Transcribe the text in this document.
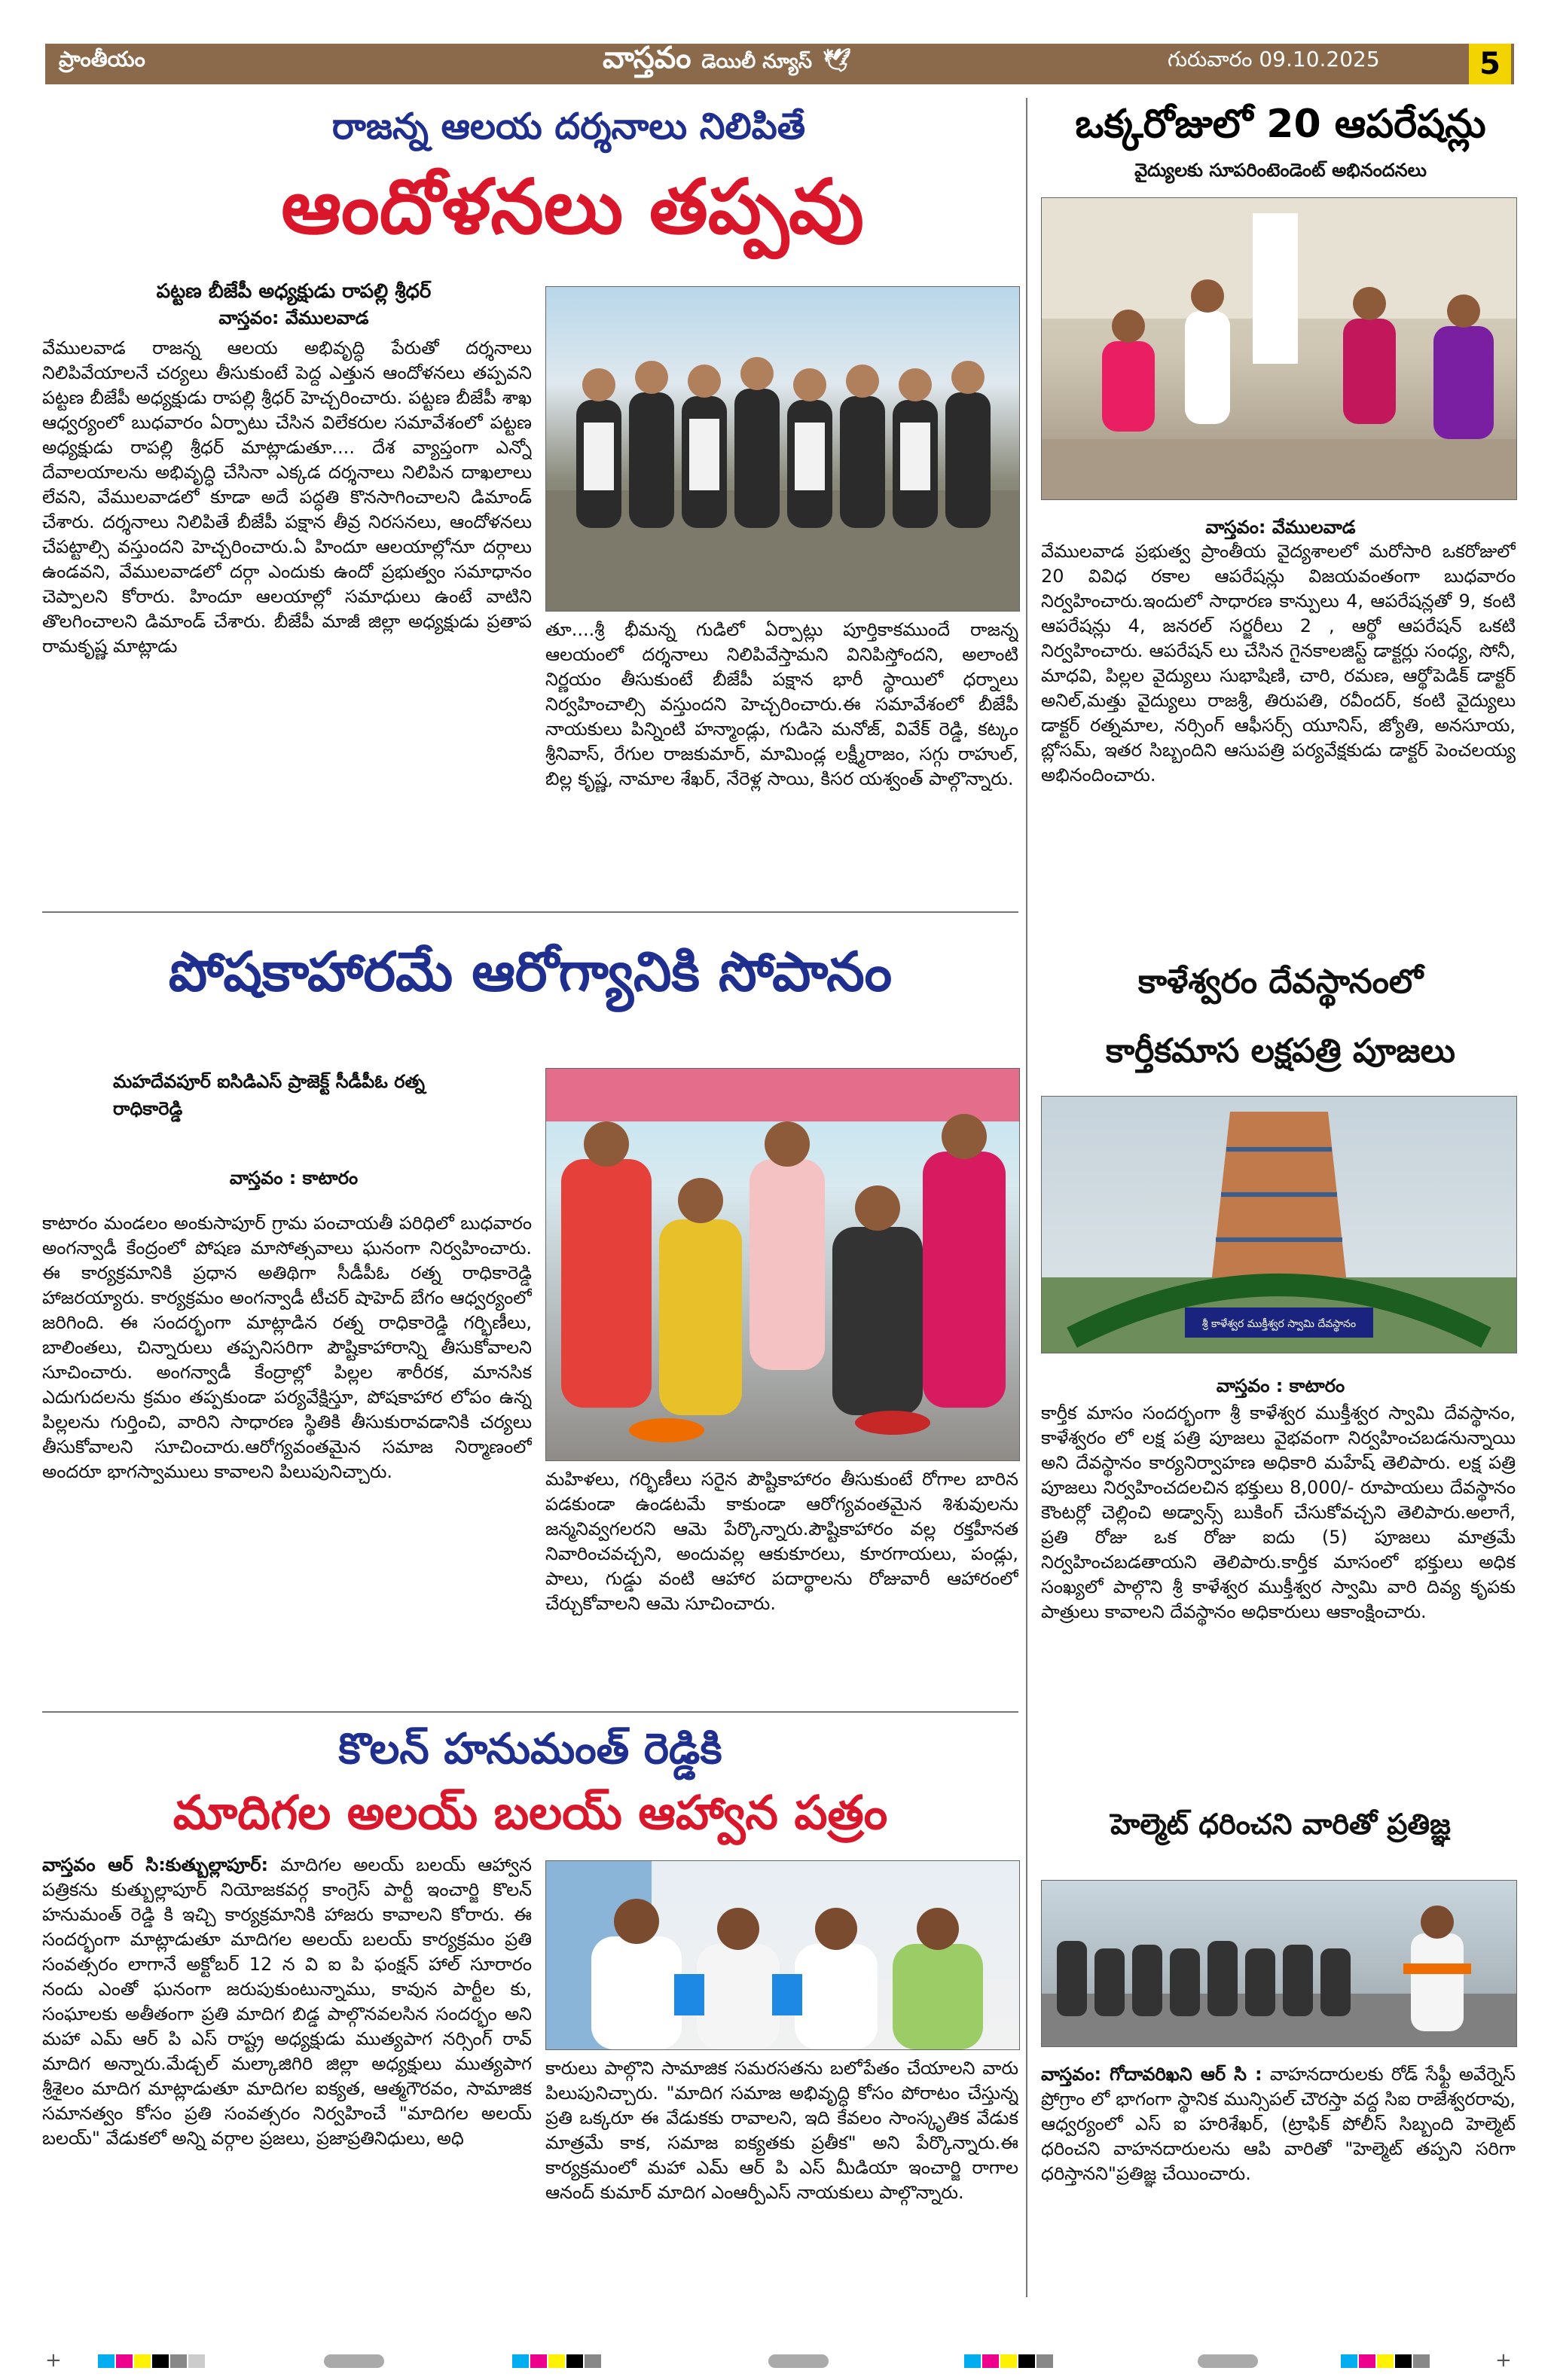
ప్రాంతీయం	వాస్తవం డెయిలీ న్యూస్ 🕊	గురువారం 09.10.2025	5
రాజన్న ఆలయ దర్శనాలు నిలిపితే
ఆందోళనలు తప్పవు
పట్టణ బీజేపీ అధ్యక్షుడు రాపల్లి శ్రీధర్
వాస్తవం: వేములవాడ
వేములవాడ రాజన్న ఆలయ అభివృద్ధి పేరుతో దర్శనాలు నిలిపివేయాలనే చర్యలు తీసుకుంటే పెద్ద ఎత్తున ఆందోళనలు తప్పవని పట్టణ బీజేపీ అధ్యక్షుడు రాపల్లి శ్రీధర్ హెచ్చరించారు. పట్టణ బీజేపీ శాఖ ఆధ్వర్యంలో బుధవారం ఏర్పాటు చేసిన విలేకరుల సమావేశంలో పట్టణ అధ్యక్షుడు రాపల్లి శ్రీధర్ మాట్లాడుతూ.... దేశ వ్యాప్తంగా ఎన్నో దేవాలయాలను అభివృద్ధి చేసినా ఎక్కడ దర్శనాలు నిలిపిన దాఖలాలు లేవని, వేములవాడలో కూడా అదే పద్ధతి కొనసాగించాలని డిమాండ్ చేశారు. దర్శనాలు నిలిపితే బీజేపీ పక్షాన తీవ్ర నిరసనలు, ఆందోళనలు చేపట్టాల్సి వస్తుందని హెచ్చరించారు.ఏ హిందూ ఆలయాల్లోనూ దర్గాలు ఉండవని, వేములవాడలో దర్గా ఎందుకు ఉందో ప్రభుత్వం సమాధానం చెప్పాలని కోరారు. హిందూ ఆలయాల్లో సమాధులు ఉంటే వాటిని తొలగించాలని డిమాండ్ చేశారు. బీజేపీ మాజీ జిల్లా అధ్యక్షుడు ప్రతాప రామకృష్ణ మాట్లాడు
తూ....శ్రీ భీమన్న గుడిలో ఏర్పాట్లు పూర్తికాకముందే రాజన్న ఆలయంలో దర్శనాలు నిలిపివేస్తామని వినిపిస్తోందని, అలాంటి నిర్ణయం తీసుకుంటే బీజేపీ పక్షాన భారీ స్థాయిలో ధర్నాలు నిర్వహించాల్సి వస్తుందని హెచ్చరించారు.ఈ సమావేశంలో బీజేపీ నాయకులు పిన్నింటి హన్మాండ్లు, గుడిసె మనోజ్, వివేక్ రెడ్డి, కట్కం శ్రీనివాస్, రేగుల రాజకుమార్, మామిండ్ల లక్ష్మీరాజం, సగ్గు రాహుల్, బిల్ల కృష్ణ, నామాల శేఖర్, నేరెళ్ల సాయి, కిసర యశ్వంత్ పాల్గొన్నారు.
ఒక్కరోజులో 20 ఆపరేషన్లు
వైద్యులకు సూపరింటెండెంట్ అభినందనలు
వాస్తవం: వేములవాడ
వేములవాడ ప్రభుత్వ ప్రాంతీయ వైద్యశాలలో మరోసారి ఒకరోజులో 20 వివిధ రకాల ఆపరేషన్లు విజయవంతంగా బుధవారం నిర్వహించారు.ఇందులో సాధారణ కాన్పులు 4, ఆపరేషన్లతో 9, కంటి ఆపరేషన్లు 4, జనరల్ సర్జరీలు 2 , ఆర్థో ఆపరేషన్ ఒకటి నిర్వహించారు. ఆపరేషన్ లు చేసిన గైనకాలజిస్ట్ డాక్టర్లు సంధ్య, సోనీ, మాధవి, పిల్లల వైద్యులు సుభాషిణి, చారి, రమణ, ఆర్థోపెడిక్ డాక్టర్ అనిల్,మత్తు వైద్యులు రాజశ్రీ, తిరుపతి, రవీందర్, కంటి వైద్యులు డాక్టర్ రత్నమాల, నర్సింగ్ ఆఫీసర్స్ యూనిస్, జ్యోతి, అనసూయ, బ్లోసమ్, ఇతర సిబ్బందిని ఆసుపత్రి పర్యవేక్షకుడు డాక్టర్ పెంచలయ్య అభినందించారు.
పోషకాహారమే ఆరోగ్యానికి సోపానం
మహదేవపూర్ ఐసిడిఎస్ ప్రాజెక్ట్ సీడీపీఓ రత్న రాధికారెడ్డి
వాస్తవం : కాటారం
కాటారం మండలం అంకుసాపూర్ గ్రామ పంచాయతీ పరిధిలో బుధవారం అంగన్వాడీ కేంద్రంలో పోషణ మాసోత్సవాలు ఘనంగా నిర్వహించారు. ఈ కార్యక్రమానికి ప్రధాన అతిథిగా సీడీపీఓ రత్న రాధికారెడ్డి హాజరయ్యారు. కార్యక్రమం అంగన్వాడీ టీచర్ షాహెద్ బేగం ఆధ్వర్యంలో జరిగింది. ఈ సందర్భంగా మాట్లాడిన రత్న రాధికారెడ్డి గర్భిణీలు, బాలింతలు, చిన్నారులు తప్పనిసరిగా పౌష్టికాహారాన్ని తీసుకోవాలని సూచించారు. అంగన్వాడీ కేంద్రాల్లో పిల్లల శారీరక, మానసిక ఎదుగుదలను క్రమం తప్పకుండా పర్యవేక్షిస్తూ, పోషకాహార లోపం ఉన్న పిల్లలను గుర్తించి, వారిని సాధారణ స్థితికి తీసుకురావడానికి చర్యలు తీసుకోవాలని సూచించారు.ఆరోగ్యవంతమైన సమాజ నిర్మాణంలో అందరూ భాగస్వాములు కావాలని పిలుపునిచ్చారు.	మహిళలు, గర్భిణీలు సరైన పౌష్టికాహారం తీసుకుంటే రోగాల బారిన పడకుండా ఉండటమే కాకుండా ఆరోగ్యవంతమైన శిశువులను జన్మనివ్వగలరని ఆమె పేర్కొన్నారు.పౌష్టికాహారం వల్ల రక్తహీనత నివారించవచ్చని, అందువల్ల ఆకుకూరలు, కూరగాయలు, పండ్లు, పాలు, గుడ్డు వంటి ఆహార పదార్థాలను రోజువారీ ఆహారంలో చేర్చుకోవాలని ఆమె సూచించారు.
కాళేశ్వరం దేవస్థానంలో
కార్తీకమాస లక్షపత్రి పూజలు
శ్రీ కాళేశ్వర ముక్తీశ్వర స్వామి దేవస్థానం
వాస్తవం : కాటారం
కార్తీక మాసం సందర్భంగా శ్రీ కాళేశ్వర ముక్తీశ్వర స్వామి దేవస్థానం, కాళేశ్వరం లో లక్ష పత్రి పూజలు వైభవంగా నిర్వహించబడనున్నాయి అని దేవస్థానం కార్యనిర్వాహణ అధికారి మహేష్ తెలిపారు. లక్ష పత్రి పూజలు నిర్వహించదలచిన భక్తులు 8,000/- రూపాయలు దేవస్థానం కౌంటర్లో చెల్లించి అడ్వాన్స్ బుకింగ్ చేసుకోవచ్చని తెలిపారు.అలాగే, ప్రతి రోజు ఒక రోజు ఐదు (5) పూజలు మాత్రమే నిర్వహించబడతాయని తెలిపారు.కార్తీక మాసంలో భక్తులు అధిక సంఖ్యలో పాల్గొని శ్రీ కాళేశ్వర ముక్తీశ్వర స్వామి వారి దివ్య కృపకు పాత్రులు కావాలని దేవస్థానం అధికారులు ఆకాంక్షించారు.
కొలన్ హనుమంత్ రెడ్డికి
మాదిగల అలయ్ బలయ్ ఆహ్వాన పత్రం
వాస్తవం ఆర్ సి:కుత్బుల్లాపూర్: మాదిగల అలయ్ బలయ్ ఆహ్వాన పత్రికను కుత్బుల్లాపూర్ నియోజకవర్గ కాంగ్రెస్ పార్టీ ఇంచార్జి కొలన్ హనుమంత్ రెడ్డి కి ఇచ్చి కార్యక్రమానికి హాజరు కావాలని కోరారు. ఈ సందర్భంగా మాట్లాడుతూ మాదిగల అలయ్ బలయ్ కార్యక్రమం ప్రతి సంవత్సరం లాగానే అక్టోబర్ 12 న వి ఐ పి ఫంక్షన్ హాల్ సూరారం నందు ఎంతో ఘనంగా జరుపుకుంటున్నాము, కావున పార్టీల కు, సంఘాలకు అతీతంగా ప్రతి మాదిగ బిడ్డ పాల్గొనవలసిన సందర్భం అని మహా ఎమ్ ఆర్ పి ఎస్ రాష్ట్ర అధ్యక్షుడు ముత్యపాగ నర్సింగ్ రావ్ మాదిగ అన్నారు.మేడ్చల్ మల్కాజిగిరి జిల్లా అధ్యక్షులు ముత్యపాగ శ్రీశైలం మాదిగ మాట్లాడుతూ మాదిగల ఐక్యత, ఆత్మగౌరవం, సామాజిక సమానత్వం కోసం ప్రతి సంవత్సరం నిర్వహించే "మాదిగల అలయ్ బలయ్" వేడుకలో అన్ని వర్గాల ప్రజలు, ప్రజాప్రతినిధులు, అధి
కారులు పాల్గొని సామాజిక సమరసతను బలోపేతం చేయాలని వారు పిలుపునిచ్చారు. "మాదిగ సమాజ అభివృద్ధి కోసం పోరాటం చేస్తున్న ప్రతి ఒక్కరూ ఈ వేడుకకు రావాలని, ఇది కేవలం సాంస్కృతిక వేడుక మాత్రమే కాక, సమాజ ఐక్యతకు ప్రతీక" అని పేర్కొన్నారు.ఈ కార్యక్రమంలో మహా ఎమ్ ఆర్ పి ఎస్ మీడియా ఇంచార్జి రాగాల ఆనంద్ కుమార్ మాదిగ ఎంఆర్పీఎస్ నాయకులు పాల్గొన్నారు.
హెల్మెట్ ధరించని వారితో ప్రతిజ్ఞ
వాస్తవం: గోదావరిఖని ఆర్ సి : వాహనదారులకు రోడ్ సేఫ్టీ అవేర్నెస్ ప్రోగ్రాం లో భాగంగా స్థానిక మున్సిపల్ చౌరస్తా వద్ద సిఐ రాజేశ్వరరావు, ఆధ్వర్యంలో ఎస్ ఐ హరిశేఖర్, (ట్రాఫిక్ పోలీస్ సిబ్బంది హెల్మెట్ ధరించని వాహనదారులను ఆపి వారితో "హెల్మెట్ తప్పని సరిగా ధరిస్తానని"ప్రతిజ్ఞ చేయించారు.
+	+
